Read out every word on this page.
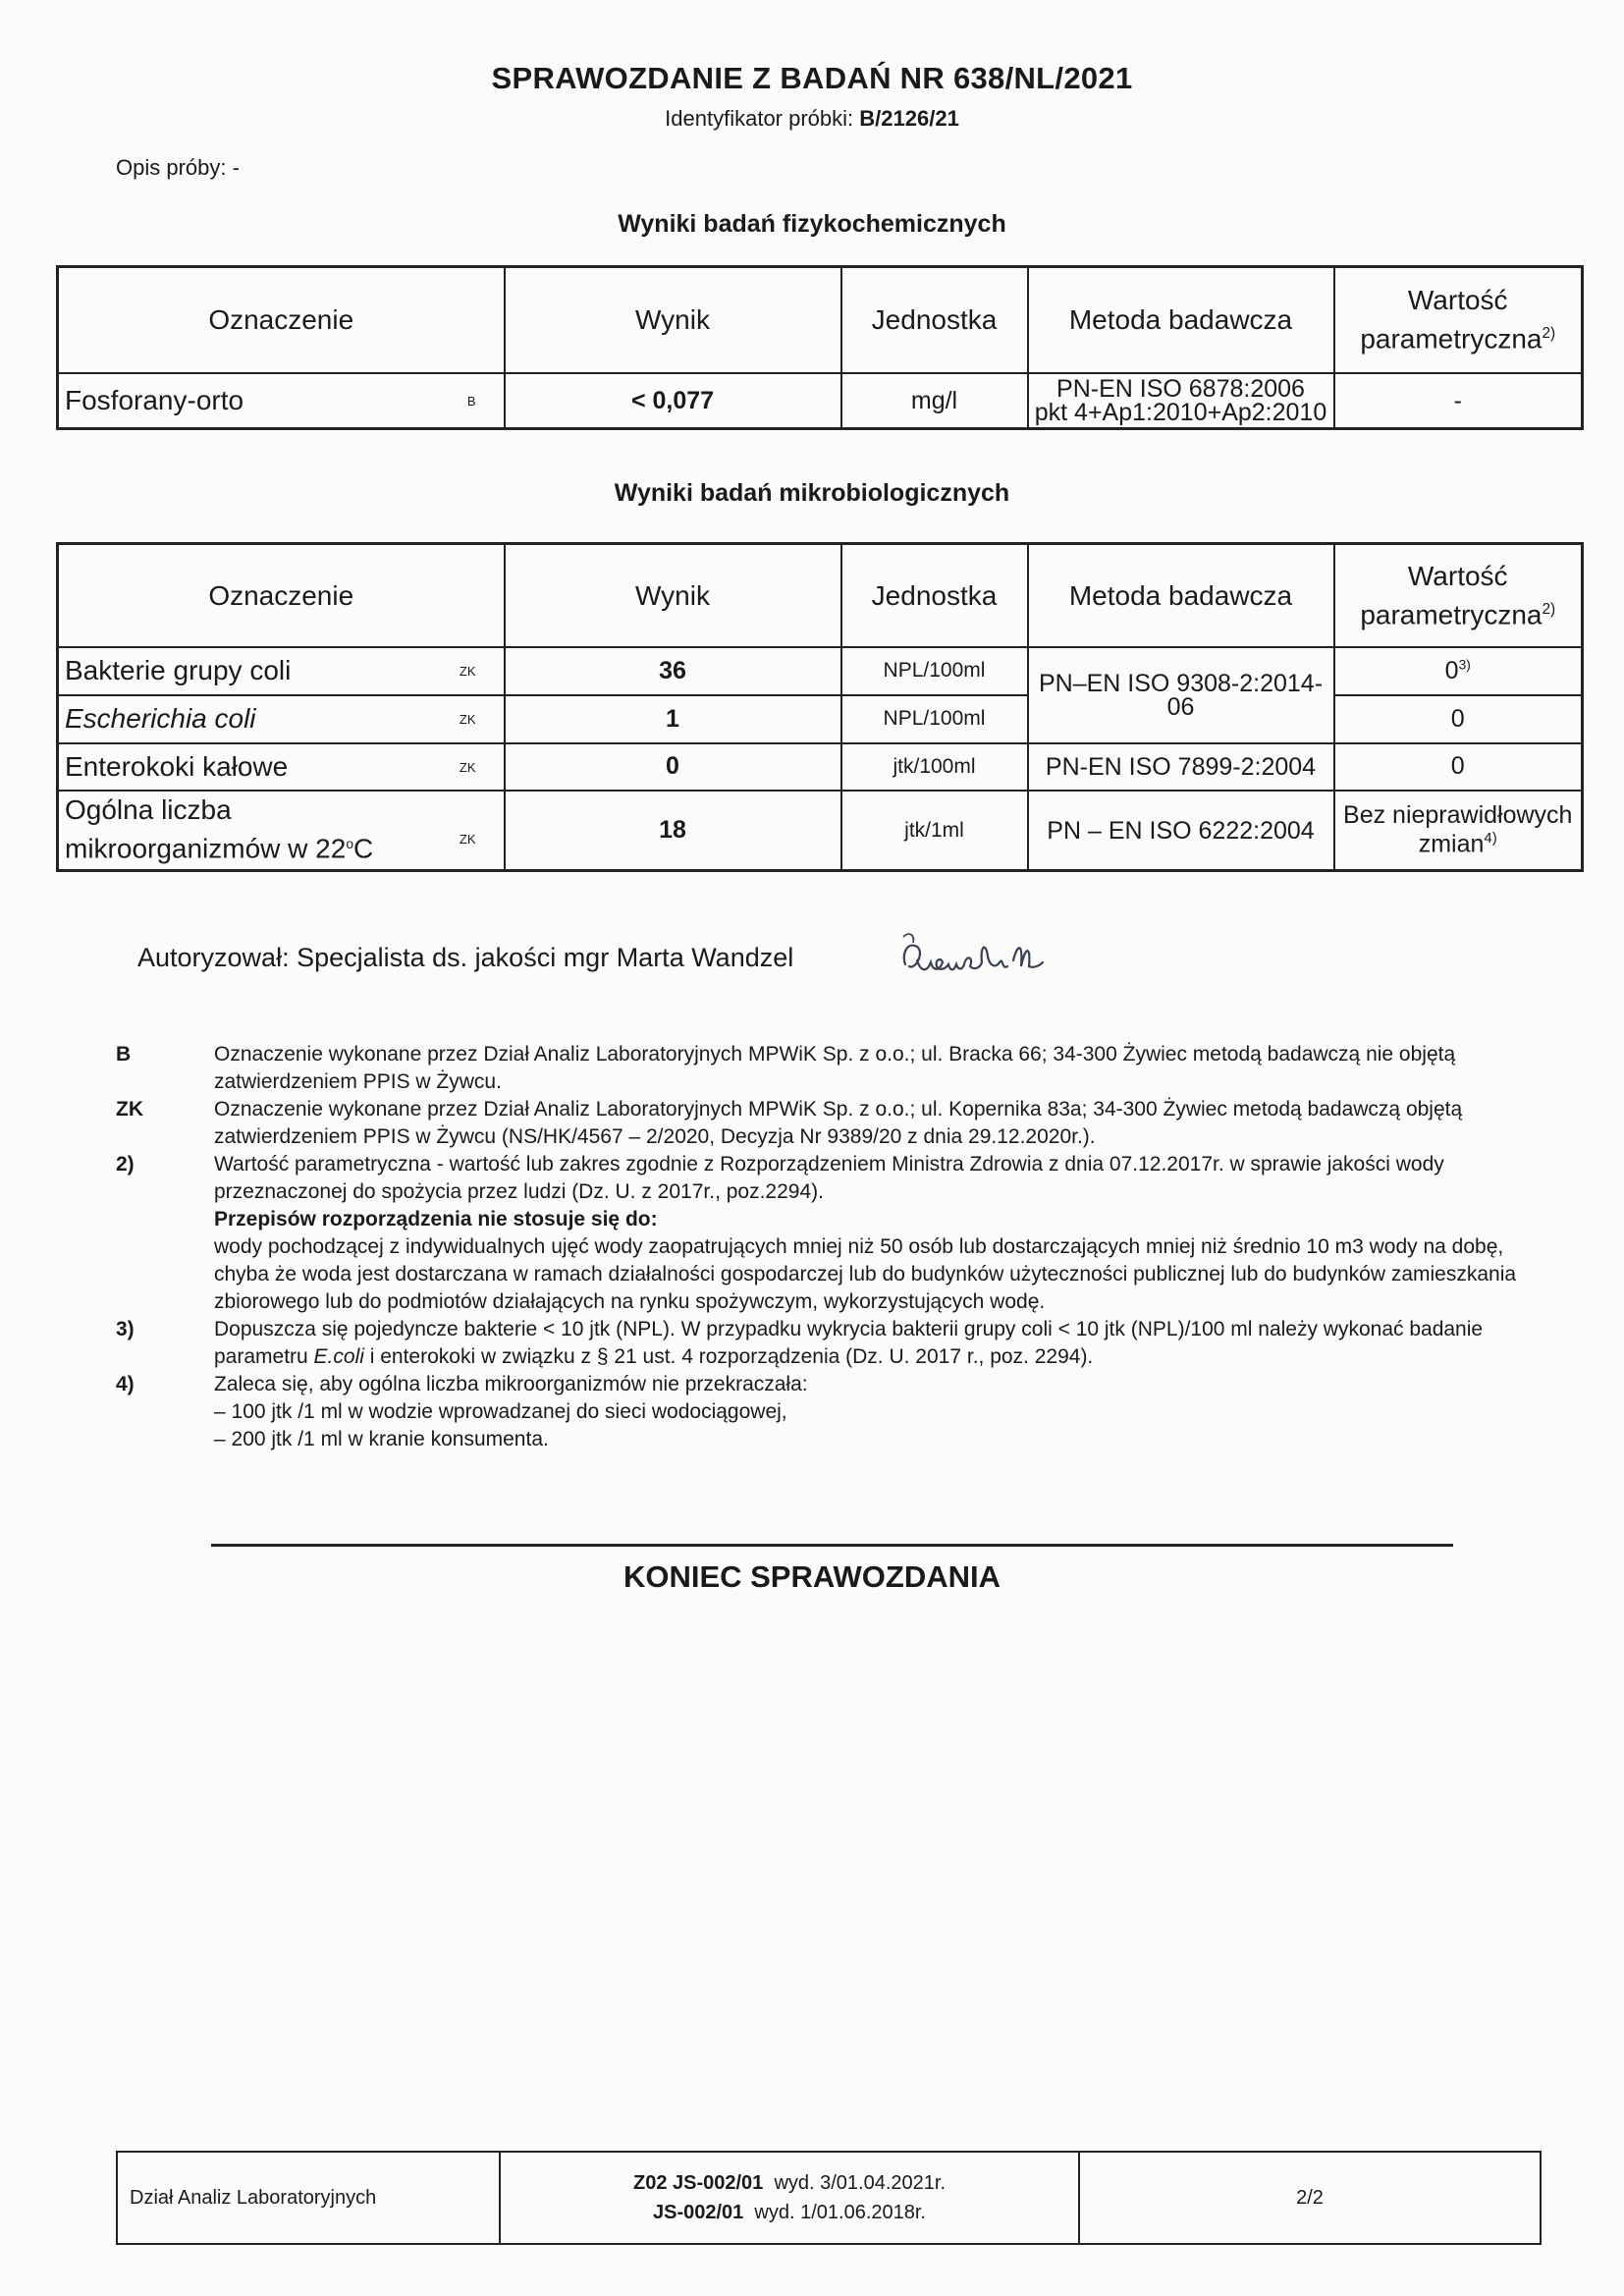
SPRAWOZDANIE Z BADAŃ NR 638/NL/2021
Identyfikator próbki: B/2126/21
Opis próby: -
Wyniki badań fizykochemicznych
Oznaczenie	Wynik	Jednostka	Metoda badawcza	Wartość
parametryczna$^{2)}$
Fosforany-orto B	< 0,077	mg/l	PN-EN ISO 6878:2006
pkt 4+Ap1:2010+Ap2:2010	-
Wyniki badań mikrobiologicznych
Oznaczenie	Wynik	Jednostka	Metoda badawcza	Wartość
parametryczna$^{2)}$
Bakterie grupy coli ZK	36	NPL/100ml	PN–EN ISO 9308-2:2014-06	0$^{3)}$
Escherichia coli ZK	1	NPL/100ml		0
Enterokoki kałowe ZK	0	jtk/100ml	PN-EN ISO 7899-2:2004	0
Ogólna liczba
mikroorganizmów w 22$^o$C ZK	18	jtk/1ml	PN – EN ISO 6222:2004	Bez nieprawidłowych zmian$^{4)}$
Autoryzował: Specjalista ds. jakości mgr Marta Wandzel
B	Oznaczenie wykonane przez Dział Analiz Laboratoryjnych MPWiK Sp. z o.o.; ul. Bracka 66; 34-300 Żywiec metodą badawczą nie objętą zatwierdzeniem PPIS w Żywcu.
ZK	Oznaczenie wykonane przez Dział Analiz Laboratoryjnych MPWiK Sp. z o.o.; ul. Kopernika 83a; 34-300 Żywiec metodą badawczą objętą zatwierdzeniem PPIS w Żywcu (NS/HK/4567 – 2/2020, Decyzja Nr 9389/20 z dnia 29.12.2020r.).
2)	Wartość parametryczna - wartość lub zakres zgodnie z Rozporządzeniem Ministra Zdrowia z dnia 07.12.2017r. w sprawie jakości wody przeznaczonej do spożycia przez ludzi (Dz. U. z 2017r., poz.2294).
Przepisów rozporządzenia nie stosuje się do:
wody pochodzącej z indywidualnych ujęć wody zaopatrujących mniej niż 50 osób lub dostarczających mniej niż średnio 10 m3 wody na dobę, chyba że woda jest dostarczana w ramach działalności gospodarczej lub do budynków użyteczności publicznej lub do budynków zamieszkania zbiorowego lub do podmiotów działających na rynku spożywczym, wykorzystujących wodę.
3)	Dopuszcza się pojedyncze bakterie < 10 jtk (NPL). W przypadku wykrycia bakterii grupy coli < 10 jtk (NPL)/100 ml należy wykonać badanie parametru E.coli i enterokoki w związku z § 21 ust. 4 rozporządzenia (Dz. U. 2017 r., poz. 2294).
4)	Zaleca się, aby ogólna liczba mikroorganizmów nie przekraczała:
– 100 jtk /1 ml w wodzie wprowadzanej do sieci wodociągowej,
– 200 jtk /1 ml w kranie konsumenta.
KONIEC SPRAWOZDANIA
Dział Analiz Laboratoryjnych	Z02 JS-002/01 wyd. 3/01.04.2021r.
JS-002/01 wyd. 1/01.06.2018r.	2/2
